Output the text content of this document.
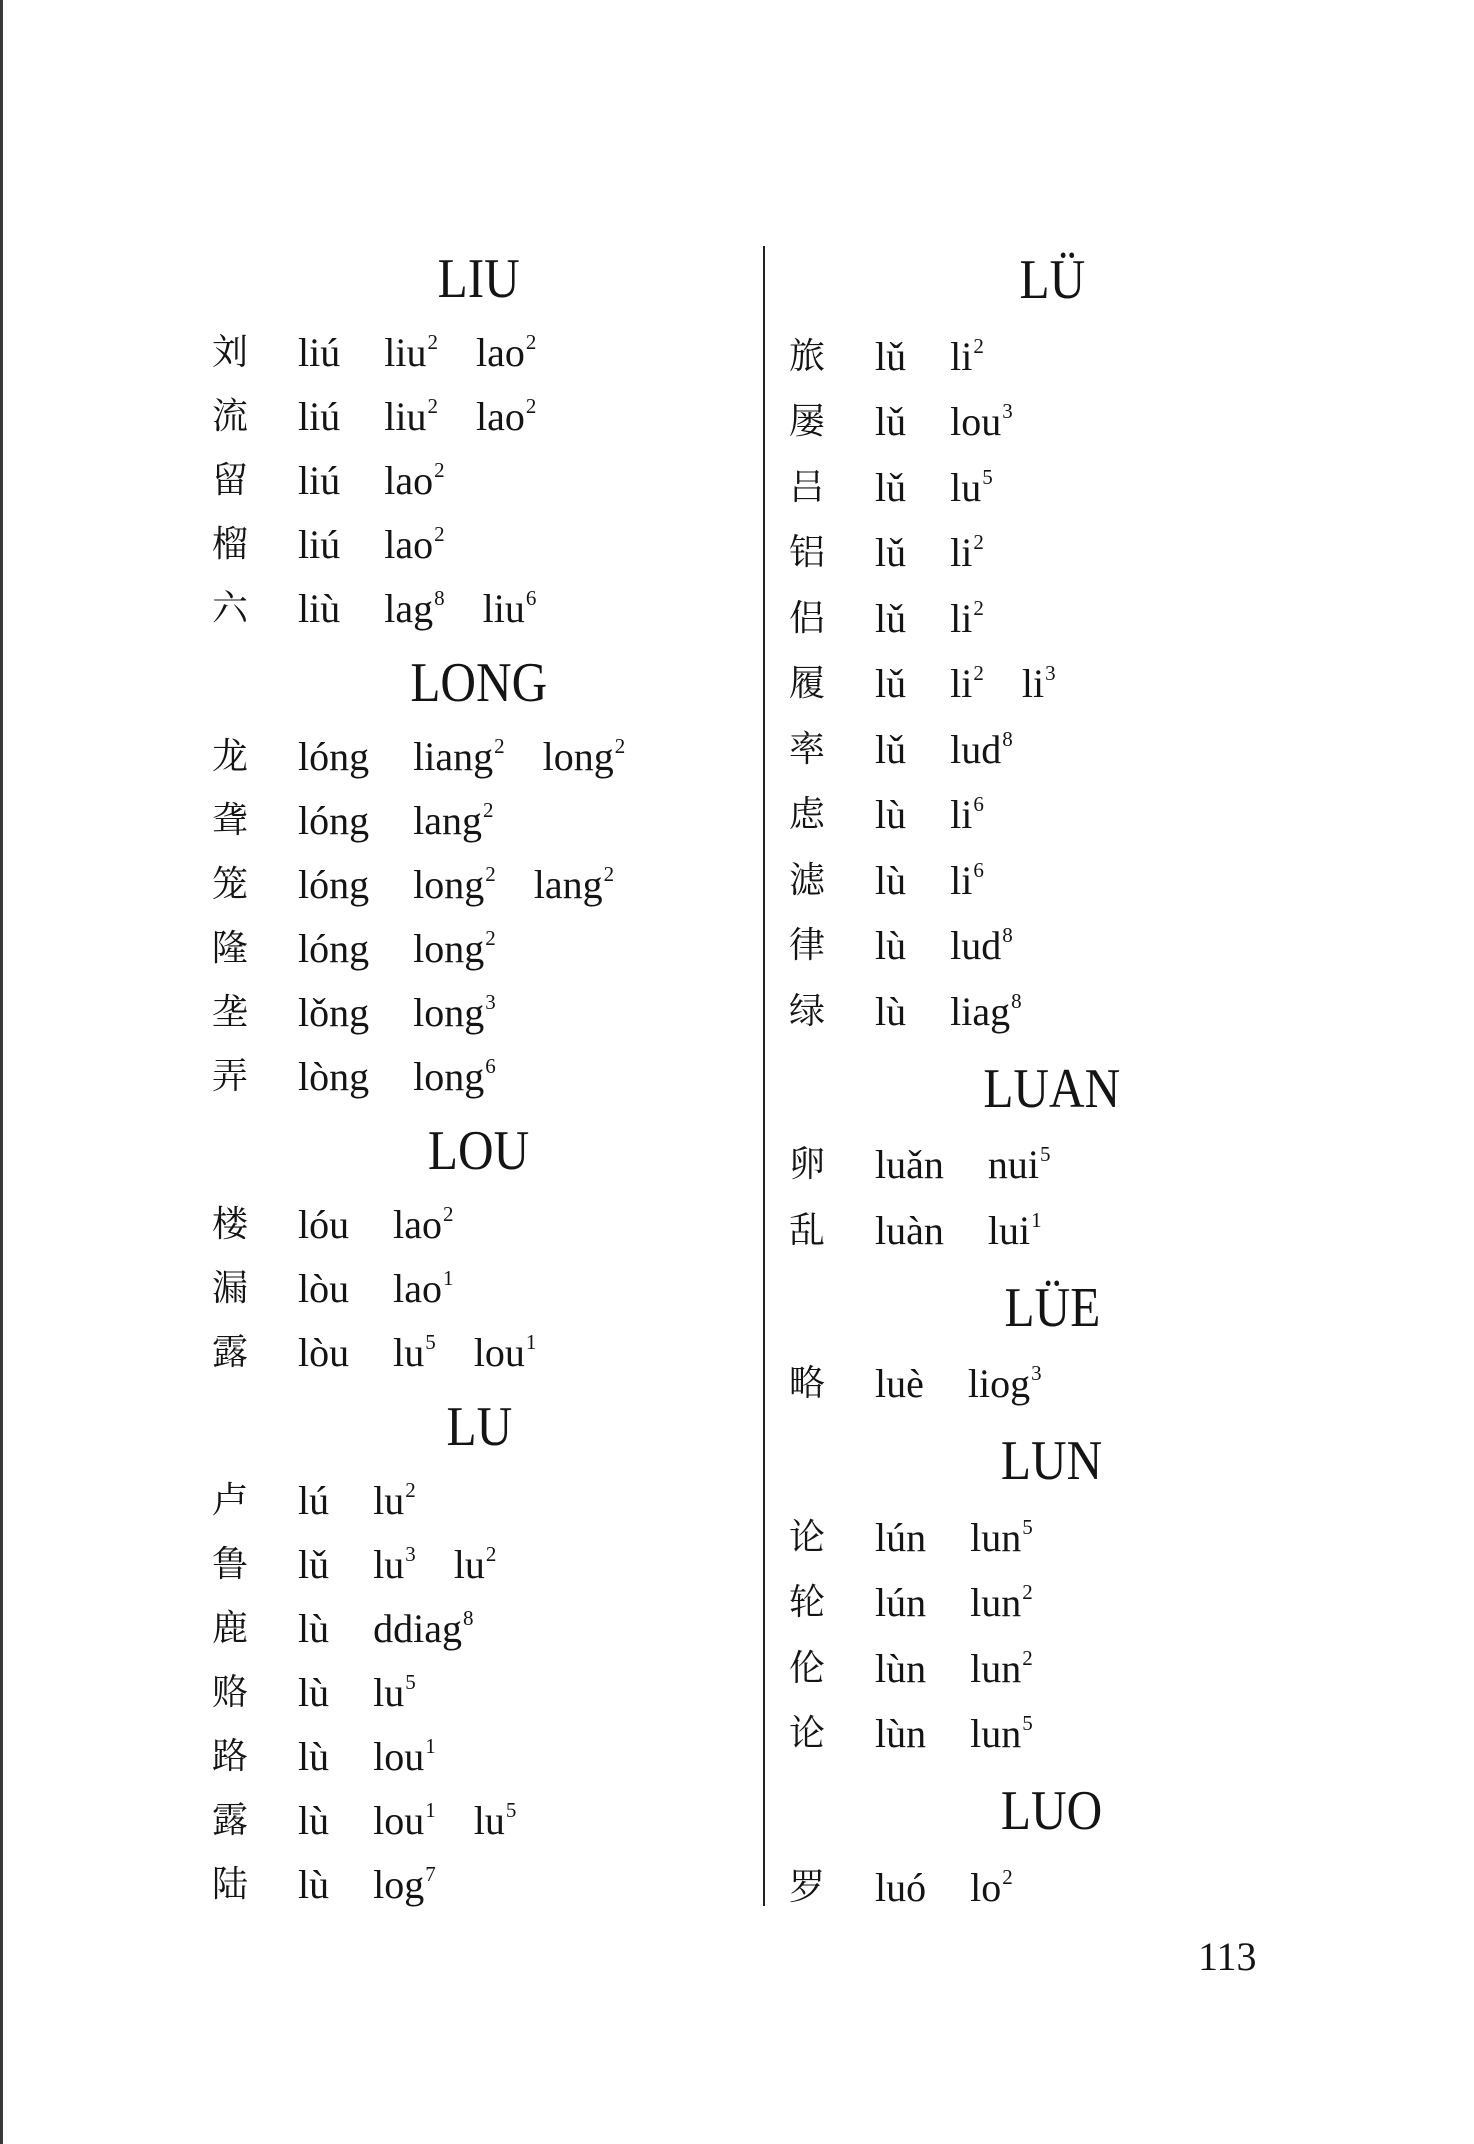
LIU
刘 liú liu$^2$ lao$^2$
流 liú liu$^2$ lao$^2$
留 liú lao$^2$
榴 liú lao$^2$
六 liù lag$^8$ liu$^6$
LONG
龙 lóng liang$^2$ long$^2$
聋 lóng lang$^2$
笼 lóng long$^2$ lang$^2$
隆 lóng long$^2$
垄 lǒng long$^3$
弄 lòng long$^6$
LOU
楼 lóu lao$^2$
漏 lòu lao$^1$
露 lòu $lu^5$ lou$^1$
LU
卢 lú $lu^2$
鲁 lǔ $lu^3$ $lu^2$
鹿 lù ddiag$^8$
赂 lù $lu^5$
路 lù lou$^1$
露 lù lou$^1$ $lu^5$
陆 lù $\log^7$
LÜ
旅 lǔ $li^2$
屡 lǔ lou$^3$
吕 lǔ $lu^5$
铝 lǔ $li^2$
侣 lǔ $li^2$
履 lǔ $li^2$ $li^3$
率 lǔ lud$^8$
虑 lù $li^6$
滤 lù $li^6$
律 lù lud$^8$
绿 lù liag$^8$
LUAN
卵 luǎn nui$^5$
乱 luàn lui$^1$
LÜE
略 luè liog$^3$
LUN
论 lún lun$^5$
轮 lún lun$^2$
伦 lùn lun$^2$
论 lùn lun$^5$
LUO
罗 luó $lo^2$
113
